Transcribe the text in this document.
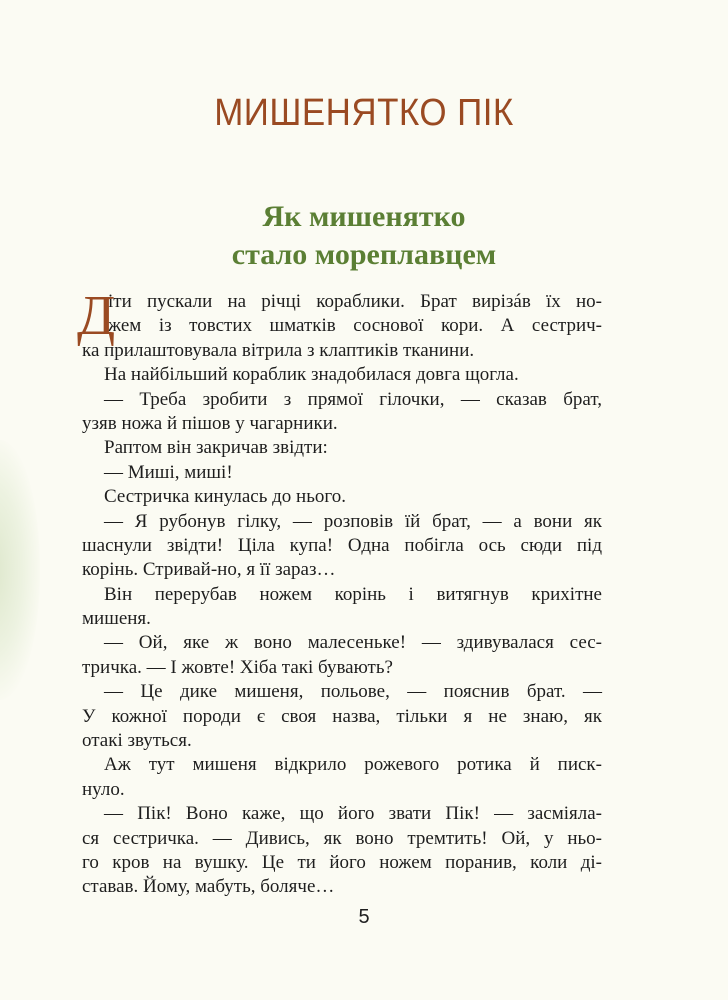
МИШЕНЯТКО ПІК
Як мишенятко
стало мореплавцем
Д
іти пускали на річці кораблики. Брат вирізáв їх но-
жем із товстих шматків соснової кори. А сестрич-
ка прилаштовувала вітрила з клаптиків тканини.
На найбільший кораблик знадобилася довга щогла.
— Треба зробити з прямої гілочки, — сказав брат,
узяв ножа й пішов у чагарники.
Раптом він закричав звідти:
— Миші, миші!
Сестричка кинулась до нього.
— Я рубонув гілку, — розповів їй брат, — а вони як
шаснули звідти! Ціла купа! Одна побігла ось сюди під
корінь. Стривай-но, я її зараз…
Він перерубав ножем корінь і витягнув крихітне
мишеня.
— Ой, яке ж воно малесеньке! — здивувалася сес-
тричка. — І жовте! Хіба такі бувають?
— Це дике мишеня, польове, — пояснив брат. —
У кожної породи є своя назва, тільки я не знаю, як
отакі звуться.
Аж тут мишеня відкрило рожевого ротика й писк-
нуло.
— Пік! Воно каже, що його звати Пік! — засміяла-
ся сестричка. — Дивись, як воно тремтить! Ой, у ньо-
го кров на вушку. Це ти його ножем поранив, коли ді-
ставав. Йому, мабуть, боляче…
5
